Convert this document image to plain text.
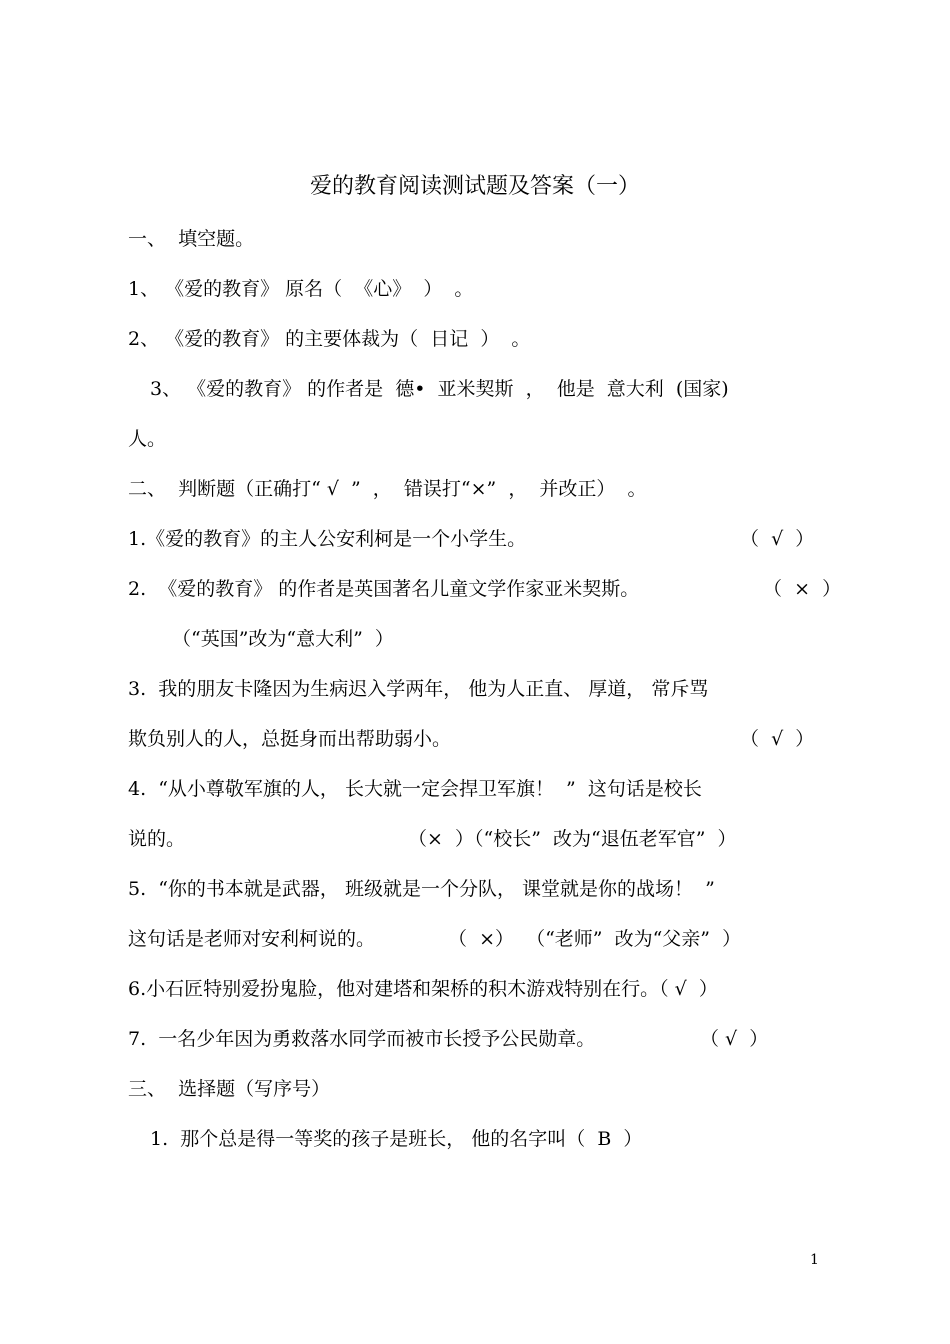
爱的教育阅读测试题及答案（一）
一、  填空题。
1、 《爱的教育》 原名（  《心》  ）  。
2、 《爱的教育》 的主要体裁为（  日记  ）  。
3、 《爱的教育》 的作者是  德•  亚米契斯  ，  他是  意大利  (国家)
人。
二、  判断题（正确打“ √  ”  ，  错误打“×”  ，  并改正）  。
1.《爱的教育》的主人公安利柯是一个小学生。	（  √  ）
2.  《爱的教育》 的作者是英国著名儿童文学作家亚米契斯。	（  ×  ）
（“英国”改为“意大利”  ）
3.  我的朋友卡隆因为生病迟入学两年， 他为人正直、 厚道， 常斥骂
欺负别人的人，总挺身而出帮助弱小。	（  √  ）
4.  “从小尊敬军旗的人， 长大就一定会捍卫军旗！  ”  这句话是校长
说的。	（×  ）（“校长”  改为“退伍老军官”  ）
5.  “你的书本就是武器， 班级就是一个分队， 课堂就是你的战场！  ”
这句话是老师对安利柯说的。	（  ×）  （“老师”  改为“父亲”  ）
6.小石匠特别爱扮鬼脸，他对建塔和架桥的积木游戏特别在行。（ √  ）
7.  一名少年因为勇救落水同学而被市长授予公民勋章。	（ √  ）
三、  选择题（写序号）
1.  那个总是得一等奖的孩子是班长， 他的名字叫（  B  ）
1
